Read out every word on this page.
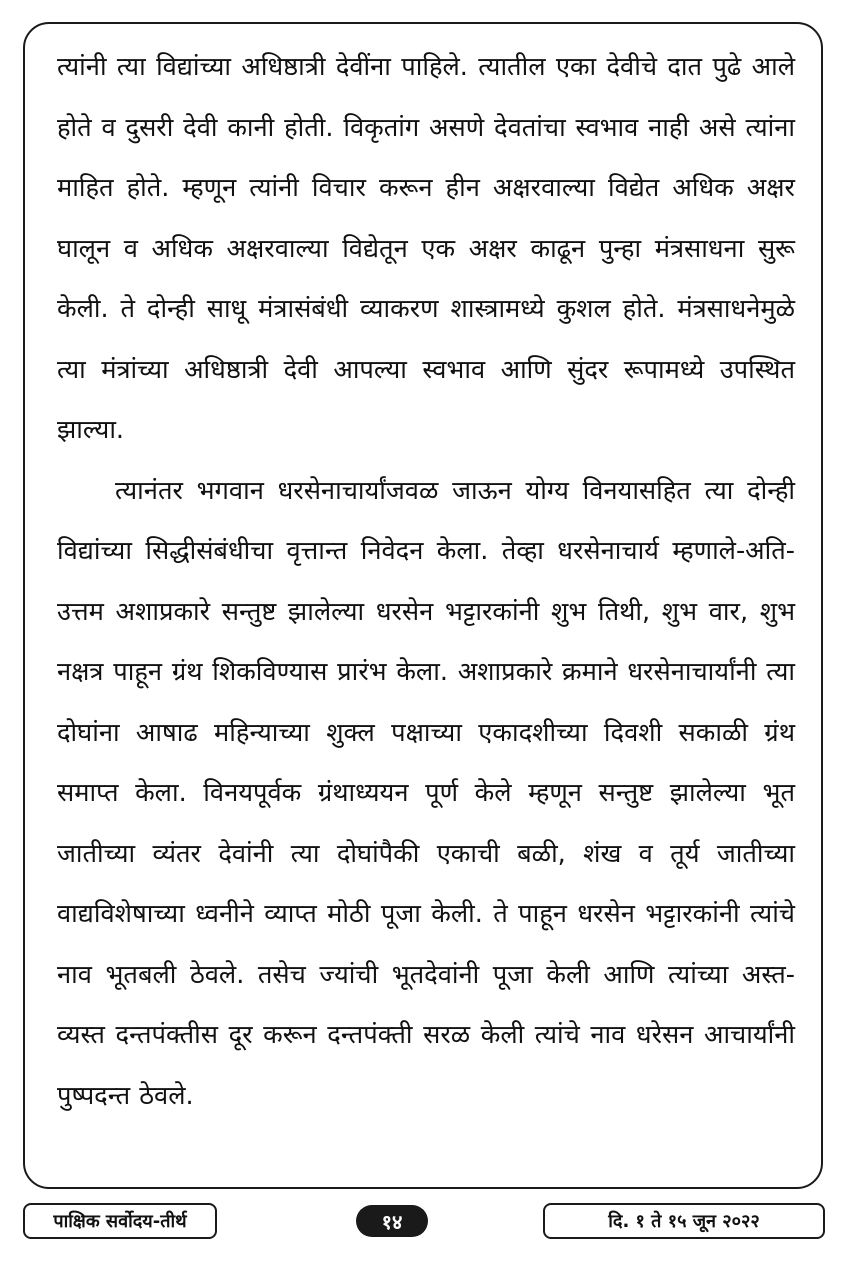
त्यांनी त्या विद्यांच्या अधिष्ठात्री देवींना पाहिले. त्यातील एका देवीचे दात पुढे आले होते व दुसरी देवी कानी होती. विकृतांग असणे देवतांचा स्वभाव नाही असे त्यांना माहित होते. म्हणून त्यांनी विचार करून हीन अक्षरवाल्या विद्येत अधिक अक्षर घालून व अधिक अक्षरवाल्या विद्येतून एक अक्षर काढून पुन्हा मंत्रसाधना सुरू केली. ते दोन्ही साधू मंत्रासंबंधी व्याकरण शास्त्रामध्ये कुशल होते. मंत्रसाधनेमुळे त्या मंत्रांच्या अधिष्ठात्री देवी आपल्या स्वभाव आणि सुंदर रूपामध्ये उपस्थित झाल्या.

त्यानंतर भगवान धरसेनाचार्यांजवळ जाऊन योग्य विनयासहित त्या दोन्ही विद्यांच्या सिद्धीसंबंधीचा वृत्तान्त निवेदन केला. तेव्हा धरसेनाचार्य म्हणाले-अति-उत्तम अशाप्रकारे सन्तुष्ट झालेल्या धरसेन भट्टारकांनी शुभ तिथी, शुभ वार, शुभ नक्षत्र पाहून ग्रंथ शिकविण्यास प्रारंभ केला. अशाप्रकारे क्रमाने धरसेनाचार्यांनी त्या दोघांना आषाढ महिन्याच्या शुक्ल पक्षाच्या एकादशीच्या दिवशी सकाळी ग्रंथ समाप्त केला. विनयपूर्वक ग्रंथाध्ययन पूर्ण केले म्हणून सन्तुष्ट झालेल्या भूत जातीच्या व्यंतर देवांनी त्या दोघांपैकी एकाची बळी, शंख व तूर्य जातीच्या वाद्यविशेषाच्या ध्वनीने व्याप्त मोठी पूजा केली. ते पाहून धरसेन भट्टारकांनी त्यांचे नाव भूतबली ठेवले. तसेच ज्यांची भूतदेवांनी पूजा केली आणि त्यांच्या अस्त-व्यस्त दन्तपंक्तीस दूर करून दन्तपंक्ती सरळ केली त्यांचे नाव धरेसन आचार्यांनी पुष्पदन्त ठेवले.

पाक्षिक सर्वोदय-तीर्थ	१४	दि. १ ते १५ जून २०२२
